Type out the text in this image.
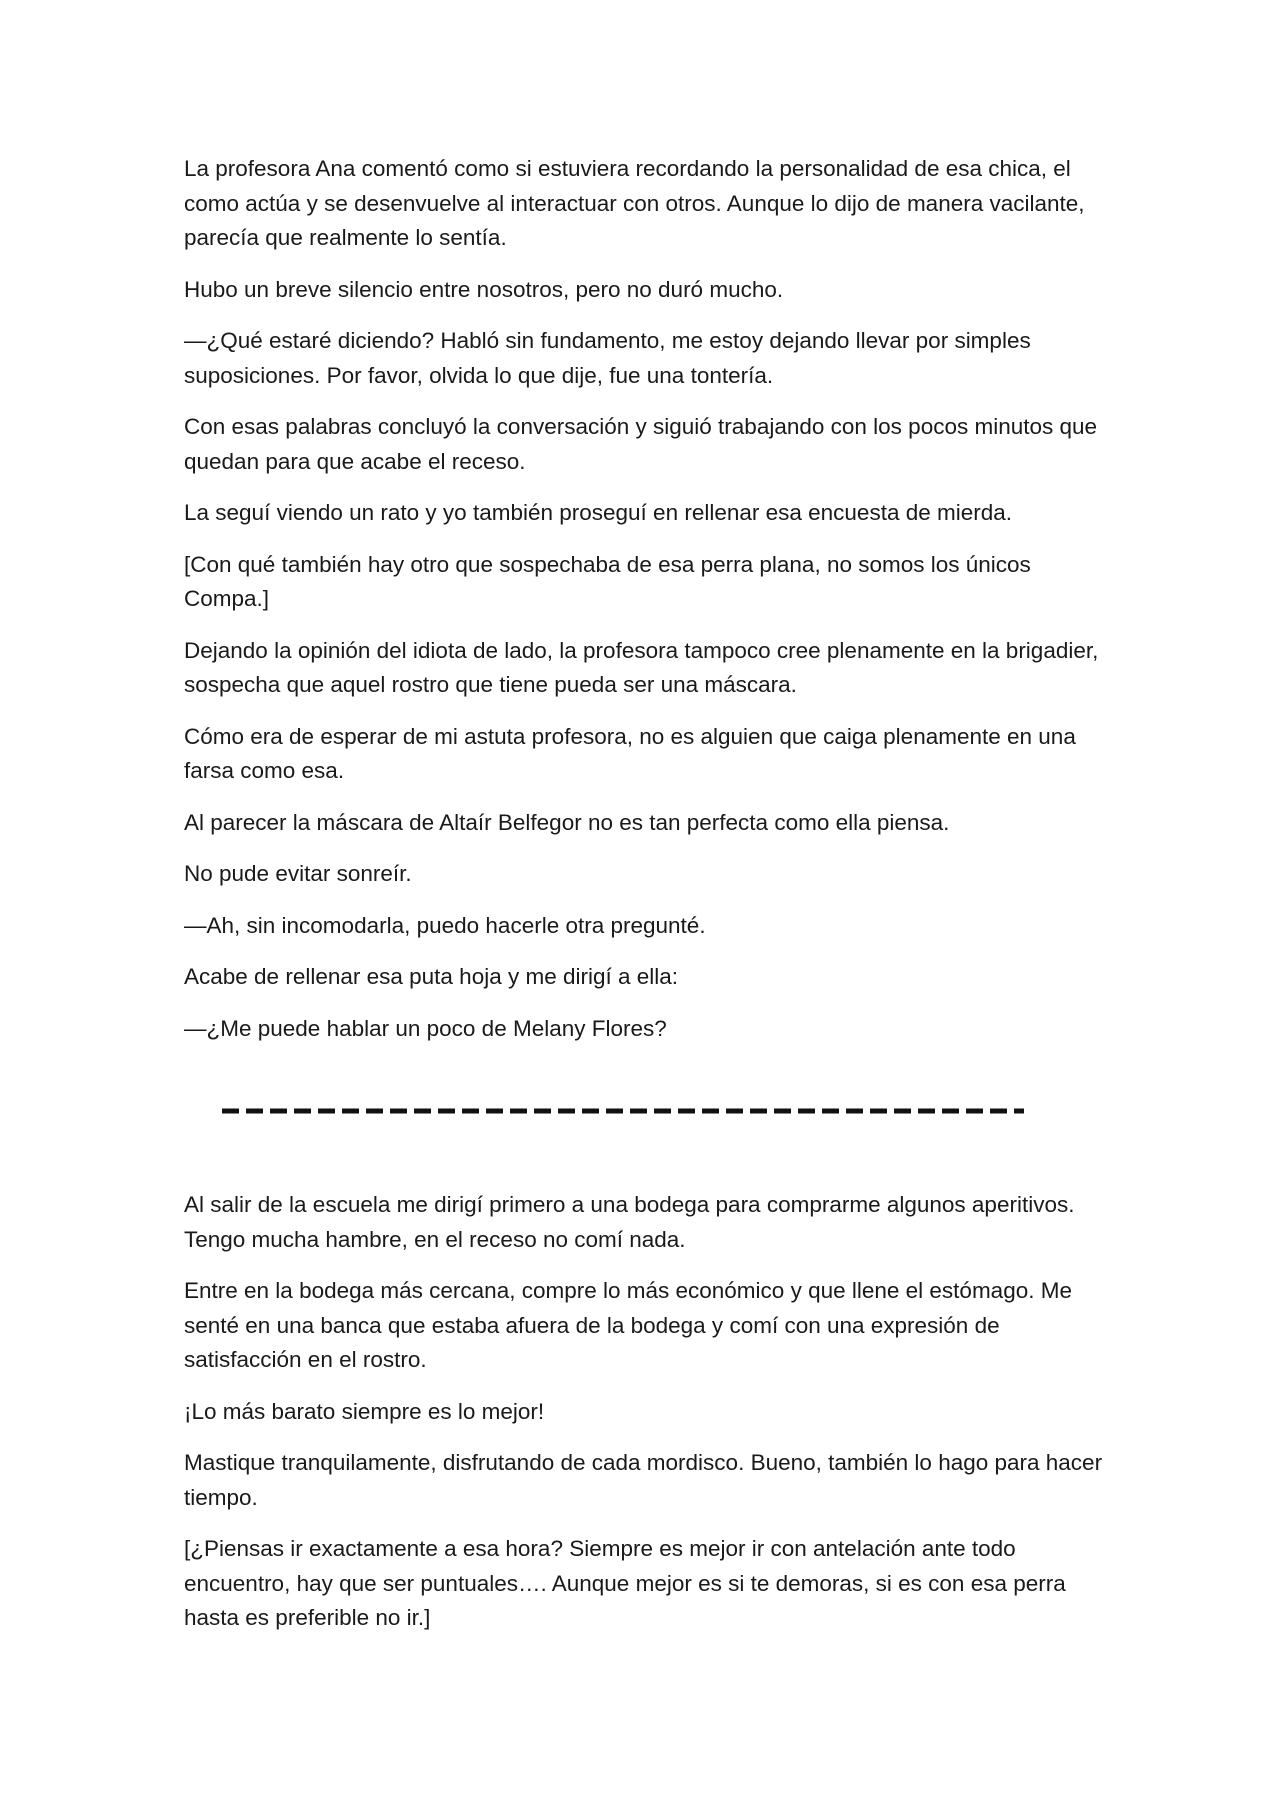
La profesora Ana comentó como si estuviera recordando la personalidad de esa chica, el como actúa y se desenvuelve al interactuar con otros. Aunque lo dijo de manera vacilante, parecía que realmente lo sentía.

Hubo un breve silencio entre nosotros, pero no duró mucho.

—¿Qué estaré diciendo? Habló sin fundamento, me estoy dejando llevar por simples suposiciones. Por favor, olvida lo que dije, fue una tontería.

Con esas palabras concluyó la conversación y siguió trabajando con los pocos minutos que quedan para que acabe el receso.

La seguí viendo un rato y yo también proseguí en rellenar esa encuesta de mierda.

[Con qué también hay otro que sospechaba de esa perra plana, no somos los únicos Compa.]

Dejando la opinión del idiota de lado, la profesora tampoco cree plenamente en la brigadier, sospecha que aquel rostro que tiene pueda ser una máscara.

Cómo era de esperar de mi astuta profesora, no es alguien que caiga plenamente en una farsa como esa.

Al parecer la máscara de Altaír Belfegor no es tan perfecta como ella piensa.

No pude evitar sonreír.

—Ah, sin incomodarla, puedo hacerle otra pregunté.

Acabe de rellenar esa puta hoja y me dirigí a ella:

—¿Me puede hablar un poco de Melany Flores?

Al salir de la escuela me dirigí primero a una bodega para comprarme algunos aperitivos. Tengo mucha hambre, en el receso no comí nada.

Entre en la bodega más cercana, compre lo más económico y que llene el estómago. Me senté en una banca que estaba afuera de la bodega y comí con una expresión de satisfacción en el rostro.

¡Lo más barato siempre es lo mejor!

Mastique tranquilamente, disfrutando de cada mordisco. Bueno, también lo hago para hacer tiempo.

[¿Piensas ir exactamente a esa hora? Siempre es mejor ir con antelación ante todo encuentro, hay que ser puntuales…. Aunque mejor es si te demoras, si es con esa perra hasta es preferible no ir.]
